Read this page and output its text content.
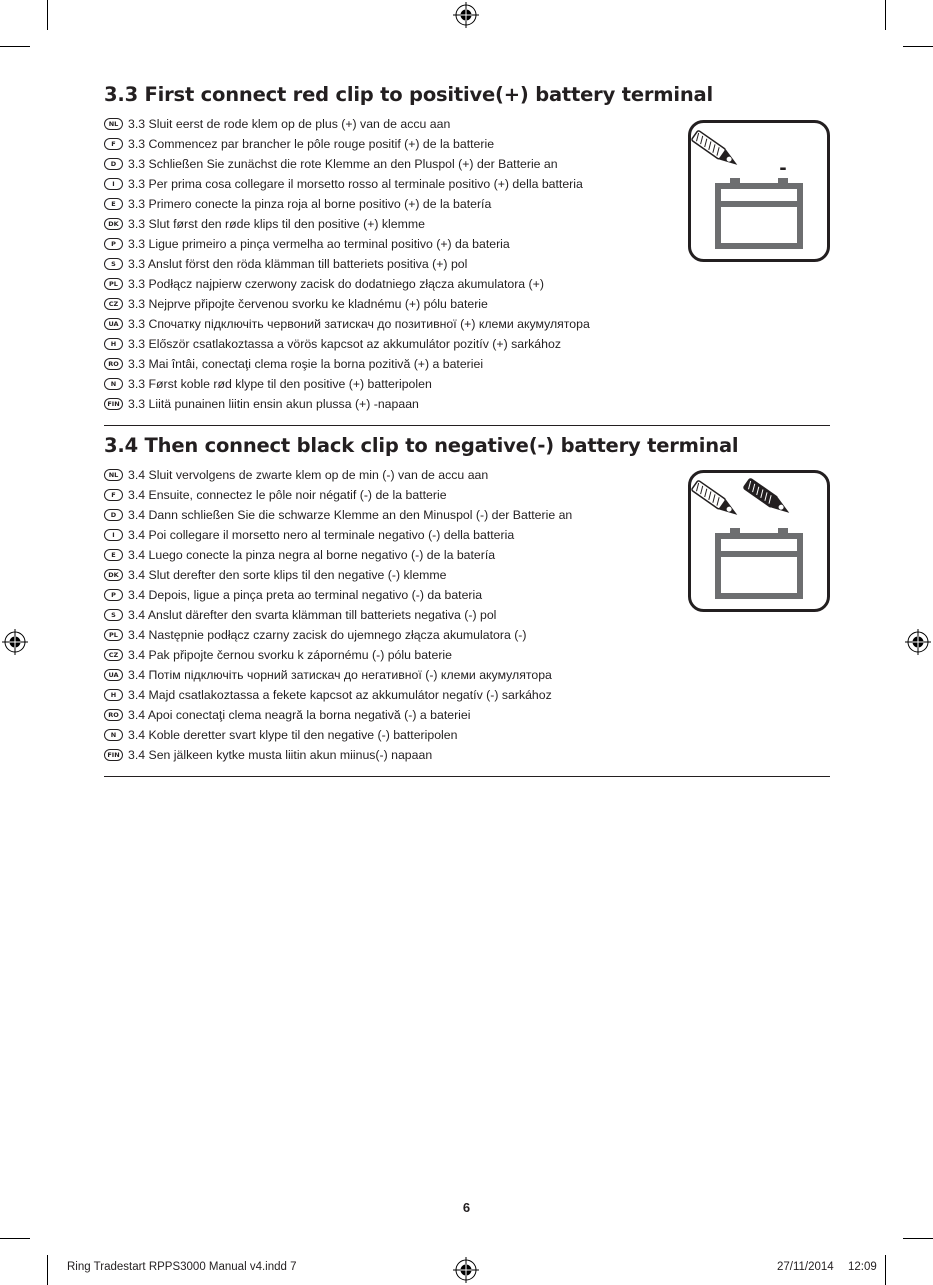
3.3 First connect red clip to positive(+) battery terminal
NL 3.3 Sluit eerst de rode klem op de plus (+) van de accu aan
F 3.3 Commencez par brancher le pôle rouge positif (+) de la batterie
D 3.3 Schließen Sie zunächst die rote Klemme an den Pluspol (+) der Batterie an
I	3.3 Per prima cosa collegare il morsetto rosso al terminale positivo (+) della batteria
E 3.3 Primero conecte la pinza roja al borne positivo (+) de la batería
DK 3.3 Slut først den røde klips til den positive (+) klemme
P 3.3 Ligue primeiro a pinça vermelha ao terminal positivo (+) da bateria
S 3.3 Anslut först den röda klämman till batteriets positiva (+) pol
PL 3.3 Podłącz najpierw czerwony zacisk do dodatniego złącza akumulatora (+)
CZ 3.3 Nejprve připojte červenou svorku ke kladnému (+) pólu baterie
UA 3.3 Спочатку підключіть червоний затискач до позитивної (+) клеми акумулятора
H 3.3 Először csatlakoztassa a vörös kapcsot az akkumulátor pozitív (+) sarkához
RO 3.3 Mai întâi, conectaţi clema roşie la borna pozitivă (+) a bateriei
N 3.3 Først koble rød klype til den positive (+) batteripolen
FIN 3.3 Liitä punainen liitin ensin akun plussa (+) -napaan
-
3.4 Then connect black clip to negative(-) battery terminal
NL 3.4 Sluit vervolgens de zwarte klem op de min (-) van de accu aan
F 3.4 Ensuite, connectez le pôle noir négatif (-) de la batterie
D 3.4 Dann schließen Sie die schwarze Klemme an den Minuspol (-) der Batterie an
I	3.4 Poi collegare il morsetto nero al terminale negativo (-) della batteria
E 3.4 Luego conecte la pinza negra al borne negativo (-) de la batería
DK 3.4 Slut derefter den sorte klips til den negative (-) klemme
P 3.4 Depois, ligue a pinça preta ao terminal negativo (-) da bateria
S 3.4 Anslut därefter den svarta klämman till batteriets negativa (-) pol
PL 3.4 Następnie podłącz czarny zacisk do ujemnego złącza akumulatora (-)
CZ 3.4 Pak připojte černou svorku k zápornému (-) pólu baterie
UA 3.4 Потім підключіть чорний затискач до негативної (-) клеми акумулятора
H 3.4 Majd csatlakoztassa a fekete kapcsot az akkumulátor negatív (-) sarkához
RO 3.4 Apoi conectaţi clema neagră la borna negativă (-) a bateriei
N 3.4 Koble deretter svart klype til den negative (-) batteripolen
FIN 3.4 Sen jälkeen kytke musta liitin akun miinus(-) napaan
6
Ring Tradestart RPPS3000 Manual v4.indd 7	27/11/2014 12:09
